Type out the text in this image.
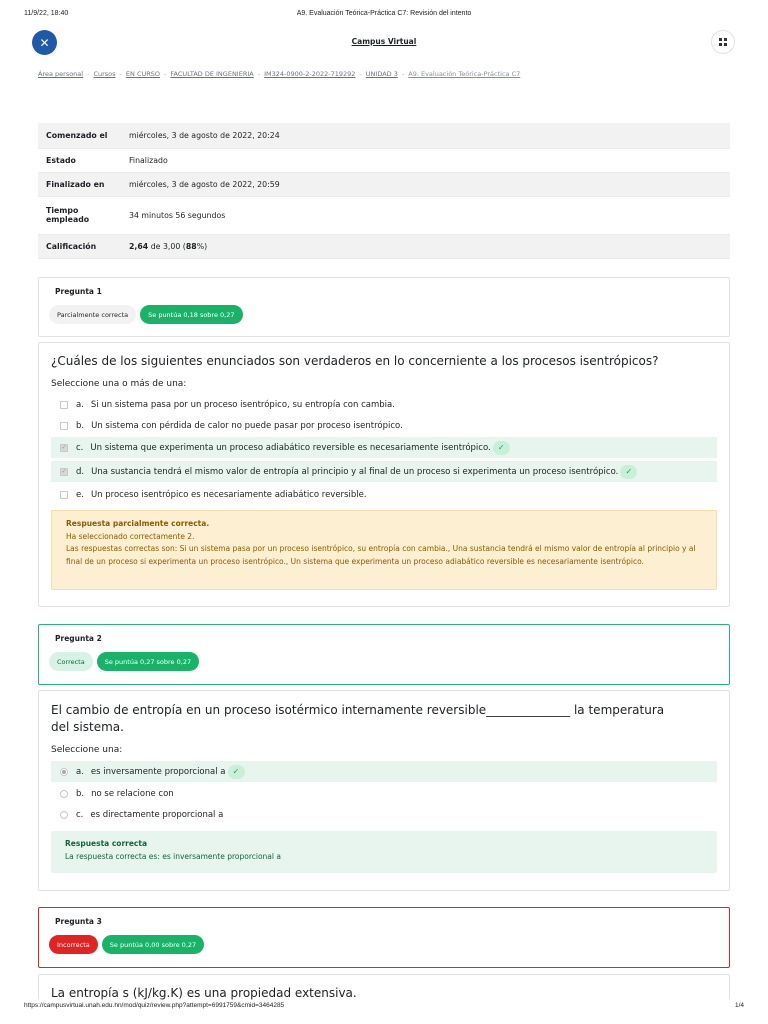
11/9/22, 18:40	A9. Evaluación Teórica-Práctica C7: Revisión del intento
✕	Campus Virtual
Área personal - Cursos - EN CURSO - FACULTAD DE INGENIERIA - IM324-0900-2-2022-719292 - UNIDAD 3 - A9. Evaluación Teórica-Práctica C7
Comenzado el	miércoles, 3 de agosto de 2022, 20:24
Estado	Finalizado
Finalizado en	miércoles, 3 de agosto de 2022, 20:59
Tiempo
empleado	34 minutos 56 segundos
Calificación	2,64 de 3,00 (88%)
Pregunta 1
Parcialmente correcta	Se puntúa 0,18 sobre 0,27
¿Cuáles de los siguientes enunciados son verdaderos en lo concerniente a los procesos isentrópicos?
Seleccione una o más de una:
a. Si un sistema pasa por un proceso isentrópico, su entropía con cambia.
b. Un sistema con pérdida de calor no puede pasar por proceso isentrópico.
✓ c. Un sistema que experimenta un proceso adiabático reversible es necesariamente isentrópico. ✓
✓ d. Una sustancia tendrá el mismo valor de entropía al principio y al final de un proceso si experimenta un proceso isentrópico. ✓
e. Un proceso isentrópico es necesariamente adiabático reversible.
Respuesta parcialmente correcta.
Ha seleccionado correctamente 2.
Las respuestas correctas son: Si un sistema pasa por un proceso isentrópico, su entropía con cambia., Una sustancia tendrá el mismo valor de entropía al principio y al final de un proceso si experimenta un proceso isentrópico., Un sistema que experimenta un proceso adiabático reversible es necesariamente isentrópico.
Pregunta 2
Correcta	Se puntúa 0,27 sobre 0,27
El cambio de entropía en un proceso isotérmico internamente reversible______________ la temperatura
del sistema.
Seleccione una:
a. es inversamente proporcional a ✓
b. no se relacione con
c. es directamente proporcional a
Respuesta correcta
La respuesta correcta es: es inversamente proporcional a
Pregunta 3
Incorrecta	Se puntúa 0,00 sobre 0,27
La entropía s (kJ/kg.K) es una propiedad extensiva.
https://campusvirtual.unah.edu.hn/mod/quiz/review.php?attempt=6991759&cmid=3464285	1/4
